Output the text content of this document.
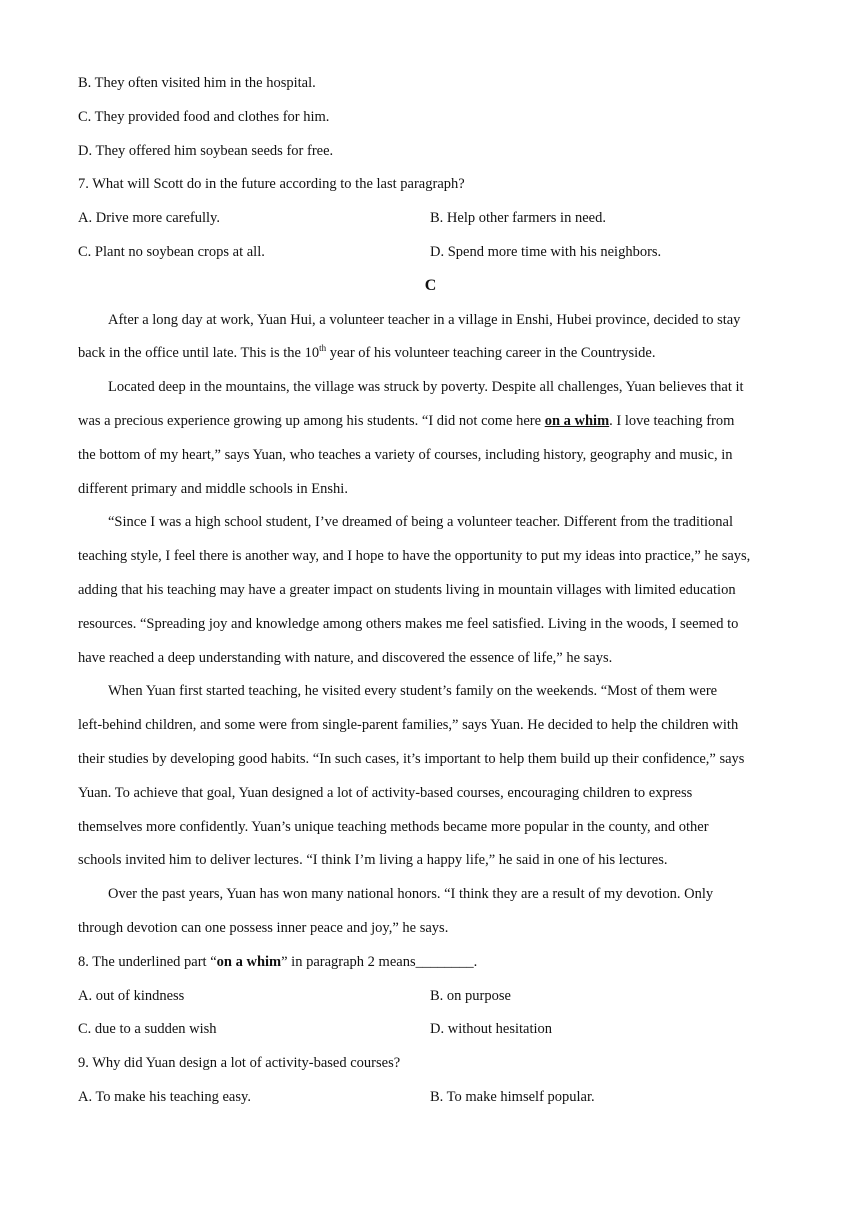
B. They often visited him in the hospital.
C. They provided food and clothes for him.
D. They offered him soybean seeds for free.
7. What will Scott do in the future according to the last paragraph?
A. Drive more carefully.	B. Help other farmers in need.
C. Plant no soybean crops at all.	D. Spend more time with his neighbors.
C
After a long day at work, Yuan Hui, a volunteer teacher in a village in Enshi, Hubei province, decided to stay
back in the office until late. This is the 10th year of his volunteer teaching career in the Countryside.
Located deep in the mountains, the village was struck by poverty. Despite all challenges, Yuan believes that it
was a precious experience growing up among his students. “I did not come here on a whim. I love teaching from
the bottom of my heart,” says Yuan, who teaches a variety of courses, including history, geography and music, in
different primary and middle schools in Enshi.
“Since I was a high school student, I’ve dreamed of being a volunteer teacher. Different from the traditional
teaching style, I feel there is another way, and I hope to have the opportunity to put my ideas into practice,” he says,
adding that his teaching may have a greater impact on students living in mountain villages with limited education
resources. “Spreading joy and knowledge among others makes me feel satisfied. Living in the woods, I seemed to
have reached a deep understanding with nature, and discovered the essence of life,” he says.
When Yuan first started teaching, he visited every student’s family on the weekends. “Most of them were
left-behind children, and some were from single-parent families,” says Yuan. He decided to help the children with
their studies by developing good habits. “In such cases, it’s important to help them build up their confidence,” says
Yuan. To achieve that goal, Yuan designed a lot of activity-based courses, encouraging children to express
themselves more confidently. Yuan’s unique teaching methods became more popular in the county, and other
schools invited him to deliver lectures. “I think I’m living a happy life,” he said in one of his lectures.
Over the past years, Yuan has won many national honors. “I think they are a result of my devotion. Only
through devotion can one possess inner peace and joy,” he says.
8. The underlined part “on a whim” in paragraph 2 means________.
A. out of kindness	B. on purpose
C. due to a sudden wish	D. without hesitation
9. Why did Yuan design a lot of activity-based courses?
A. To make his teaching easy.	B. To make himself popular.
